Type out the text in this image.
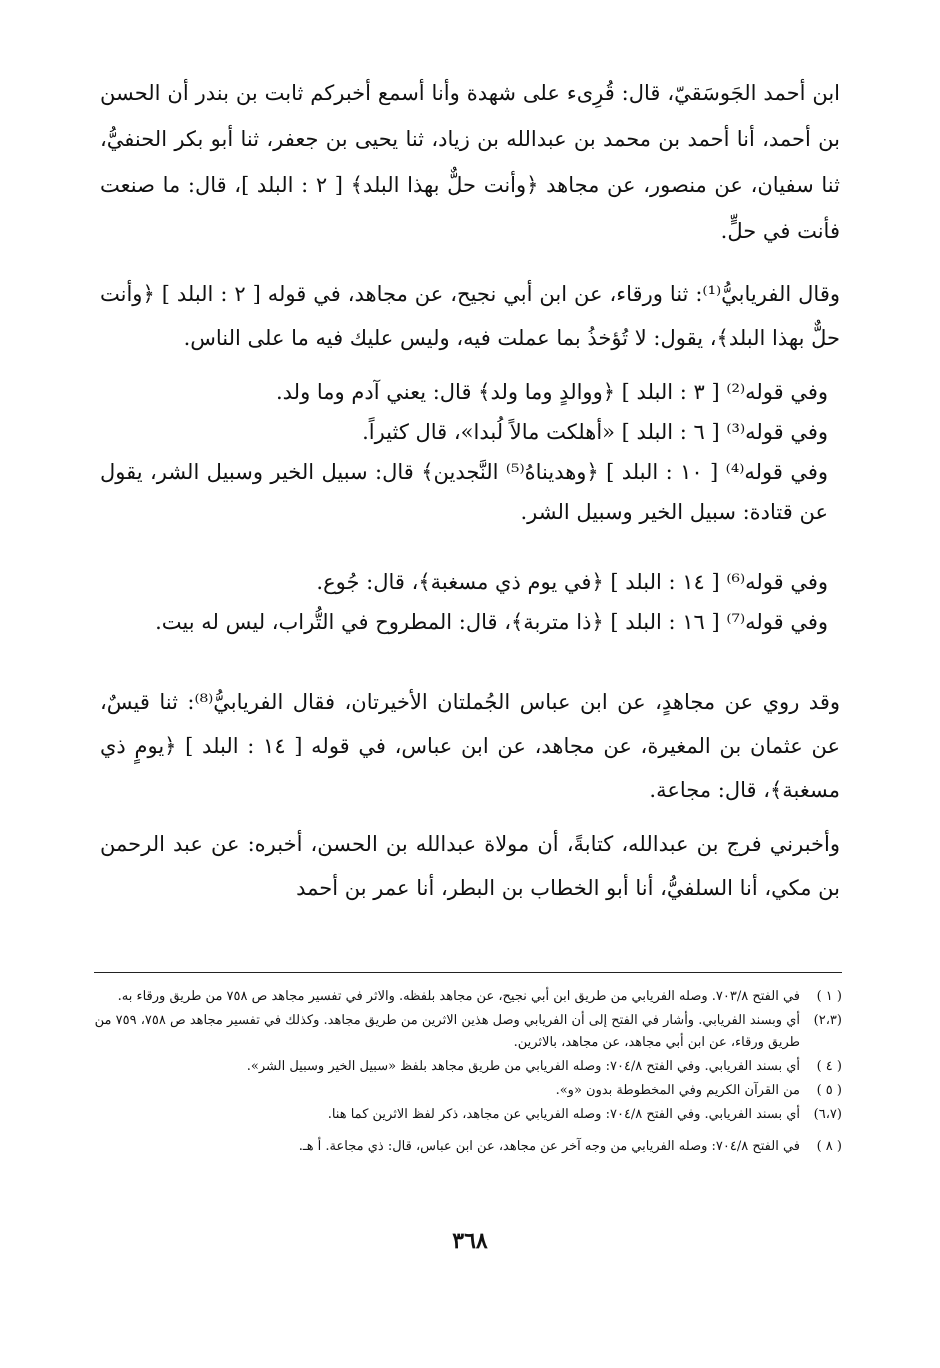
ابن أحمد الجَوسَقيّ، قال: قُرِىء على شهدة وأنا أسمع أخبركم ثابت بن بندر أن الحسن بن أحمد، أنا أحمد بن محمد بن عبدالله بن زياد، ثنا يحيى بن جعفر، ثنا أبو بكر الحنفيُّ، ثنا سفيان، عن منصور، عن مجاهد ﴿وأنت حلٌّ بهذا البلد﴾ [ ٢ : البلد ]، قال: ما صنعت فأنت في حلٍّ.

وقال الفريابيُّ⁽¹⁾: ثنا ورقاء، عن ابن أبي نجيح، عن مجاهد، في قوله [ ٢ : البلد ] ﴿وأنت حلٌّ بهذا البلد﴾، يقول: لا تُؤخذُ بما عملت فيه، وليس عليك فيه ما على الناس.

وفي قوله⁽²⁾ [ ٣ : البلد ] ﴿ووالدٍ وما ولد﴾ قال: يعني آدم وما ولد.

وفي قوله⁽³⁾ [ ٦ : البلد ] «أهلكت مالاً لُبدا»، قال كثيراً.

وفي قوله⁽⁴⁾ [ ١٠ : البلد ] ﴿وهديناهُ⁽⁵⁾ النَّجدين﴾ قال: سبيل الخير وسبيل الشر، يقول عن قتادة: سبيل الخير وسبيل الشر.

وفي قوله⁽⁶⁾ [ ١٤ : البلد ] ﴿في يوم ذي مسغبة﴾، قال: جُوع.

وفي قوله⁽⁷⁾ [ ١٦ : البلد ] ﴿ذا متربة﴾، قال: المطروح في التُّراب، ليس له بيت.

وقد روي عن مجاهدٍ، عن ابن عباس الجُملتان الأخيرتان، فقال الفريابيُّ⁽⁸⁾: ثنا قيسٌ، عن عثمان بن المغيرة، عن مجاهد، عن ابن عباس، في قوله [ ١٤ : البلد ] ﴿يومٍ ذي مسغبة﴾، قال: مجاعة.

وأخبرني فرج بن عبدالله، كتابةً، أن مولاة عبدالله بن الحسن، أخبره: عن عبد الرحمن بن مكي، أنا السلفيُّ، أنا أبو الخطاب بن البطر، أنا عمر بن أحمد

( ١ )
في الفتح ٧٠٣/٨. وصله الفريابي من طريق ابن أبي نجيح، عن مجاهد بلفظه. والاثر في تفسير مجاهد ص ٧٥٨ من طريق ورقاء به.
(٢،٣)
أي وبسند الفريابي. وأشار في الفتح إلى أن الفريابي وصل هذين الاثرين من طريق مجاهد. وكذلك في تفسير مجاهد ص ٧٥٨، ٧٥٩ من طريق ورقاء، عن ابن أبي مجاهد، عن مجاهد، بالاثرين.
( ٤ )
أي بسند الفريابي. وفي الفتح ٧٠٤/٨: وصله الفريابي من طريق مجاهد بلفظ «سبيل الخير وسبيل الشر».
( ٥ )
من القرآن الكريم وفي المخطوطة بدون «و».
(٦،٧)
أي بسند الفريابي. وفي الفتح ٧٠٤/٨: وصله الفريابي عن مجاهد، ذكر لفظ الاثرين كما هنا.
( ٨ )
في الفتح ٧٠٤/٨: وصله الفريابي من وجه آخر عن مجاهد، عن ابن عباس، قال: ذي مجاعة. أ هـ.
٣٦٨
